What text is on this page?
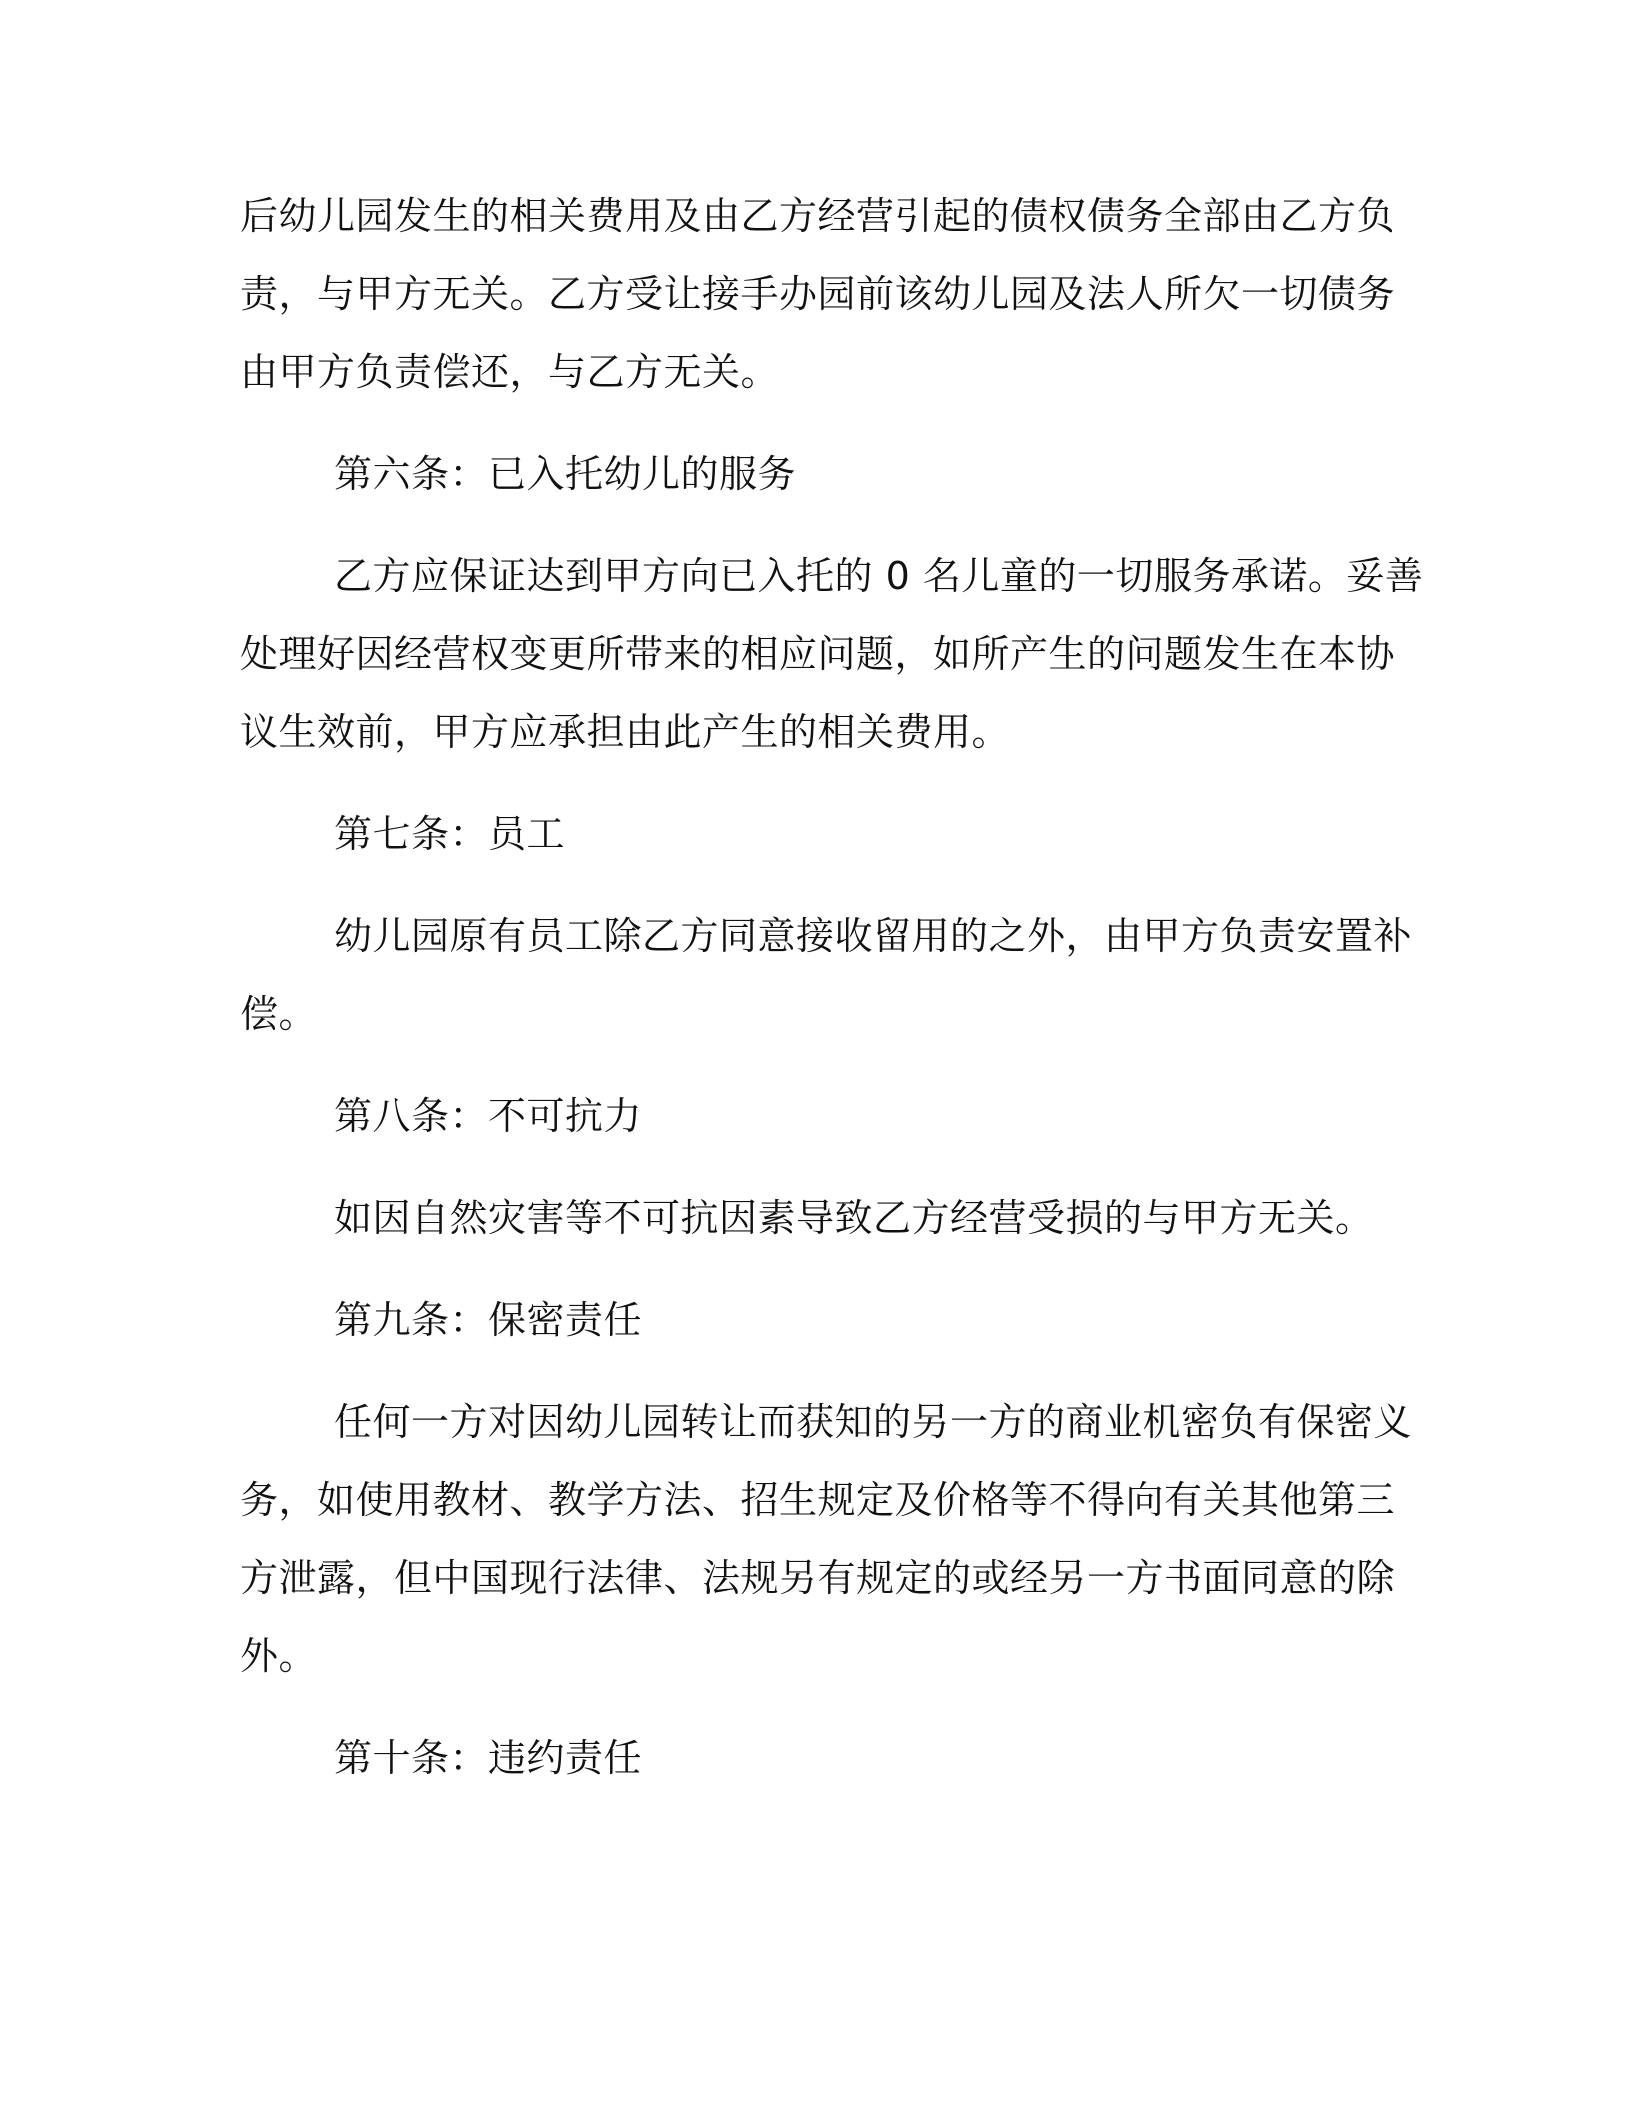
后幼儿园发生的相关费用及由乙方经营引起的债权债务全部由乙方负
责，与甲方无关。乙方受让接手办园前该幼儿园及法人所欠一切债务
由甲方负责偿还，与乙方无关。
第六条：已入托幼儿的服务
乙方应保证达到甲方向已入托的 0 名儿童的一切服务承诺。妥善
处理好因经营权变更所带来的相应问题，如所产生的问题发生在本协
议生效前，甲方应承担由此产生的相关费用。
第七条：员工
幼儿园原有员工除乙方同意接收留用的之外，由甲方负责安置补
偿。
第八条：不可抗力
如因自然灾害等不可抗因素导致乙方经营受损的与甲方无关。
第九条：保密责任
任何一方对因幼儿园转让而获知的另一方的商业机密负有保密义
务，如使用教材、教学方法、招生规定及价格等不得向有关其他第三
方泄露，但中国现行法律、法规另有规定的或经另一方书面同意的除
外。
第十条：违约责任
